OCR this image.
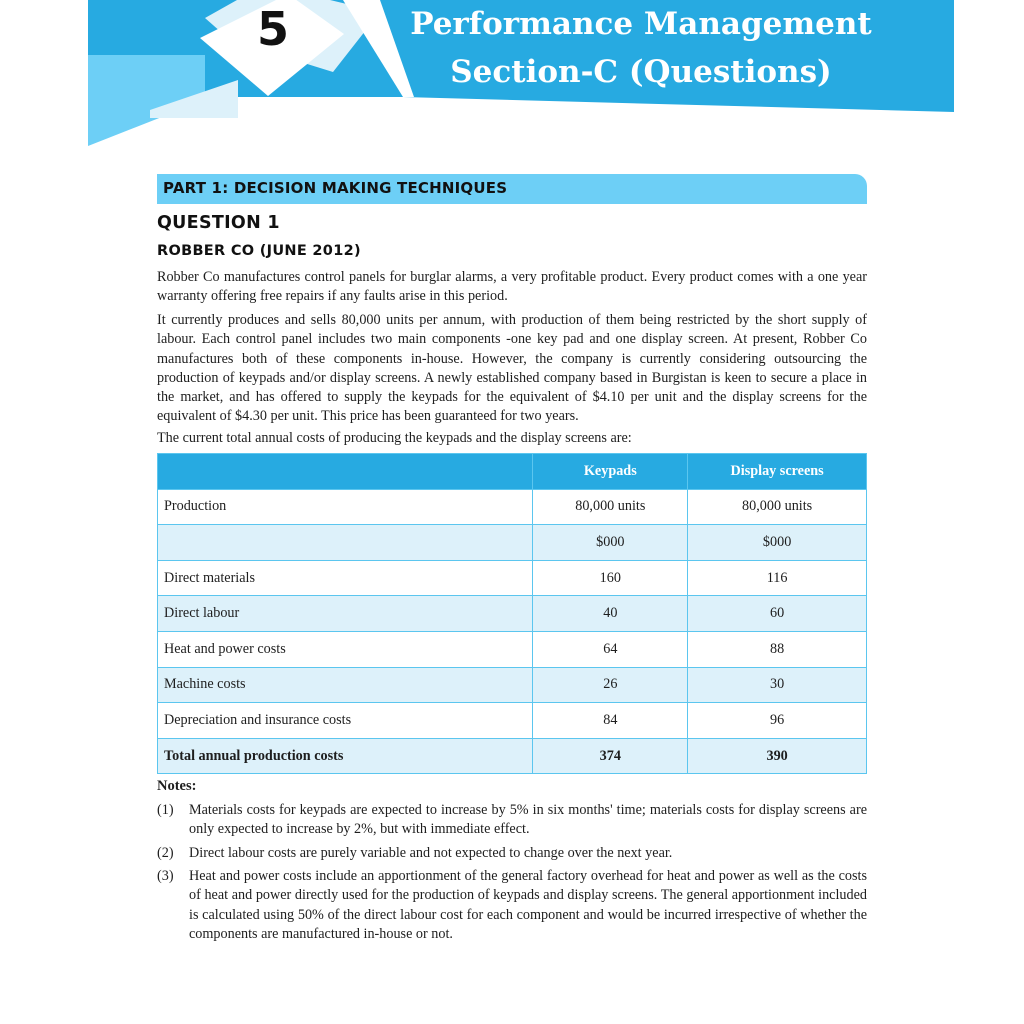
5	Performance Management
Section-C (Questions)
PART 1: DECISION MAKING TECHNIQUES
QUESTION 1
ROBBER CO (JUNE 2012)

Robber Co manufactures control panels for burglar alarms, a very profitable product. Every product comes with a one year warranty offering free repairs if any faults arise in this period.

It currently produces and sells 80,000 units per annum, with production of them being restricted by the short supply of labour. Each control panel includes two main components -one key pad and one display screen. At present, Robber Co manufactures both of these components in-house. However, the company is currently considering outsourcing the production of keypads and/or display screens. A newly established company based in Burgistan is keen to secure a place in the market, and has offered to supply the keypads for the equivalent of $4.10 per unit and the display screens for the equivalent of $4.30 per unit. This price has been guaranteed for two years.

The current total annual costs of producing the keypads and the display screens are:

	Keypads	Display screens
Production	80,000 units	80,000 units
	$000	$000
Direct materials	160	116
Direct labour	40	60
Heat and power costs	64	88
Machine costs	26	30
Depreciation and insurance costs	84	96
Total annual production costs	374	390
Notes:
(1)	Materials costs for keypads are expected to increase by 5% in six months' time; materials costs for display screens are only expected to increase by 2%, but with immediate effect.
(2)	Direct labour costs are purely variable and not expected to change over the next year.
(3)	Heat and power costs include an apportionment of the general factory overhead for heat and power as well as the costs of heat and power directly used for the production of keypads and display screens. The general apportionment included is calculated using 50% of the direct labour cost for each component and would be incurred irrespective of whether the components are manufactured in-house or not.
